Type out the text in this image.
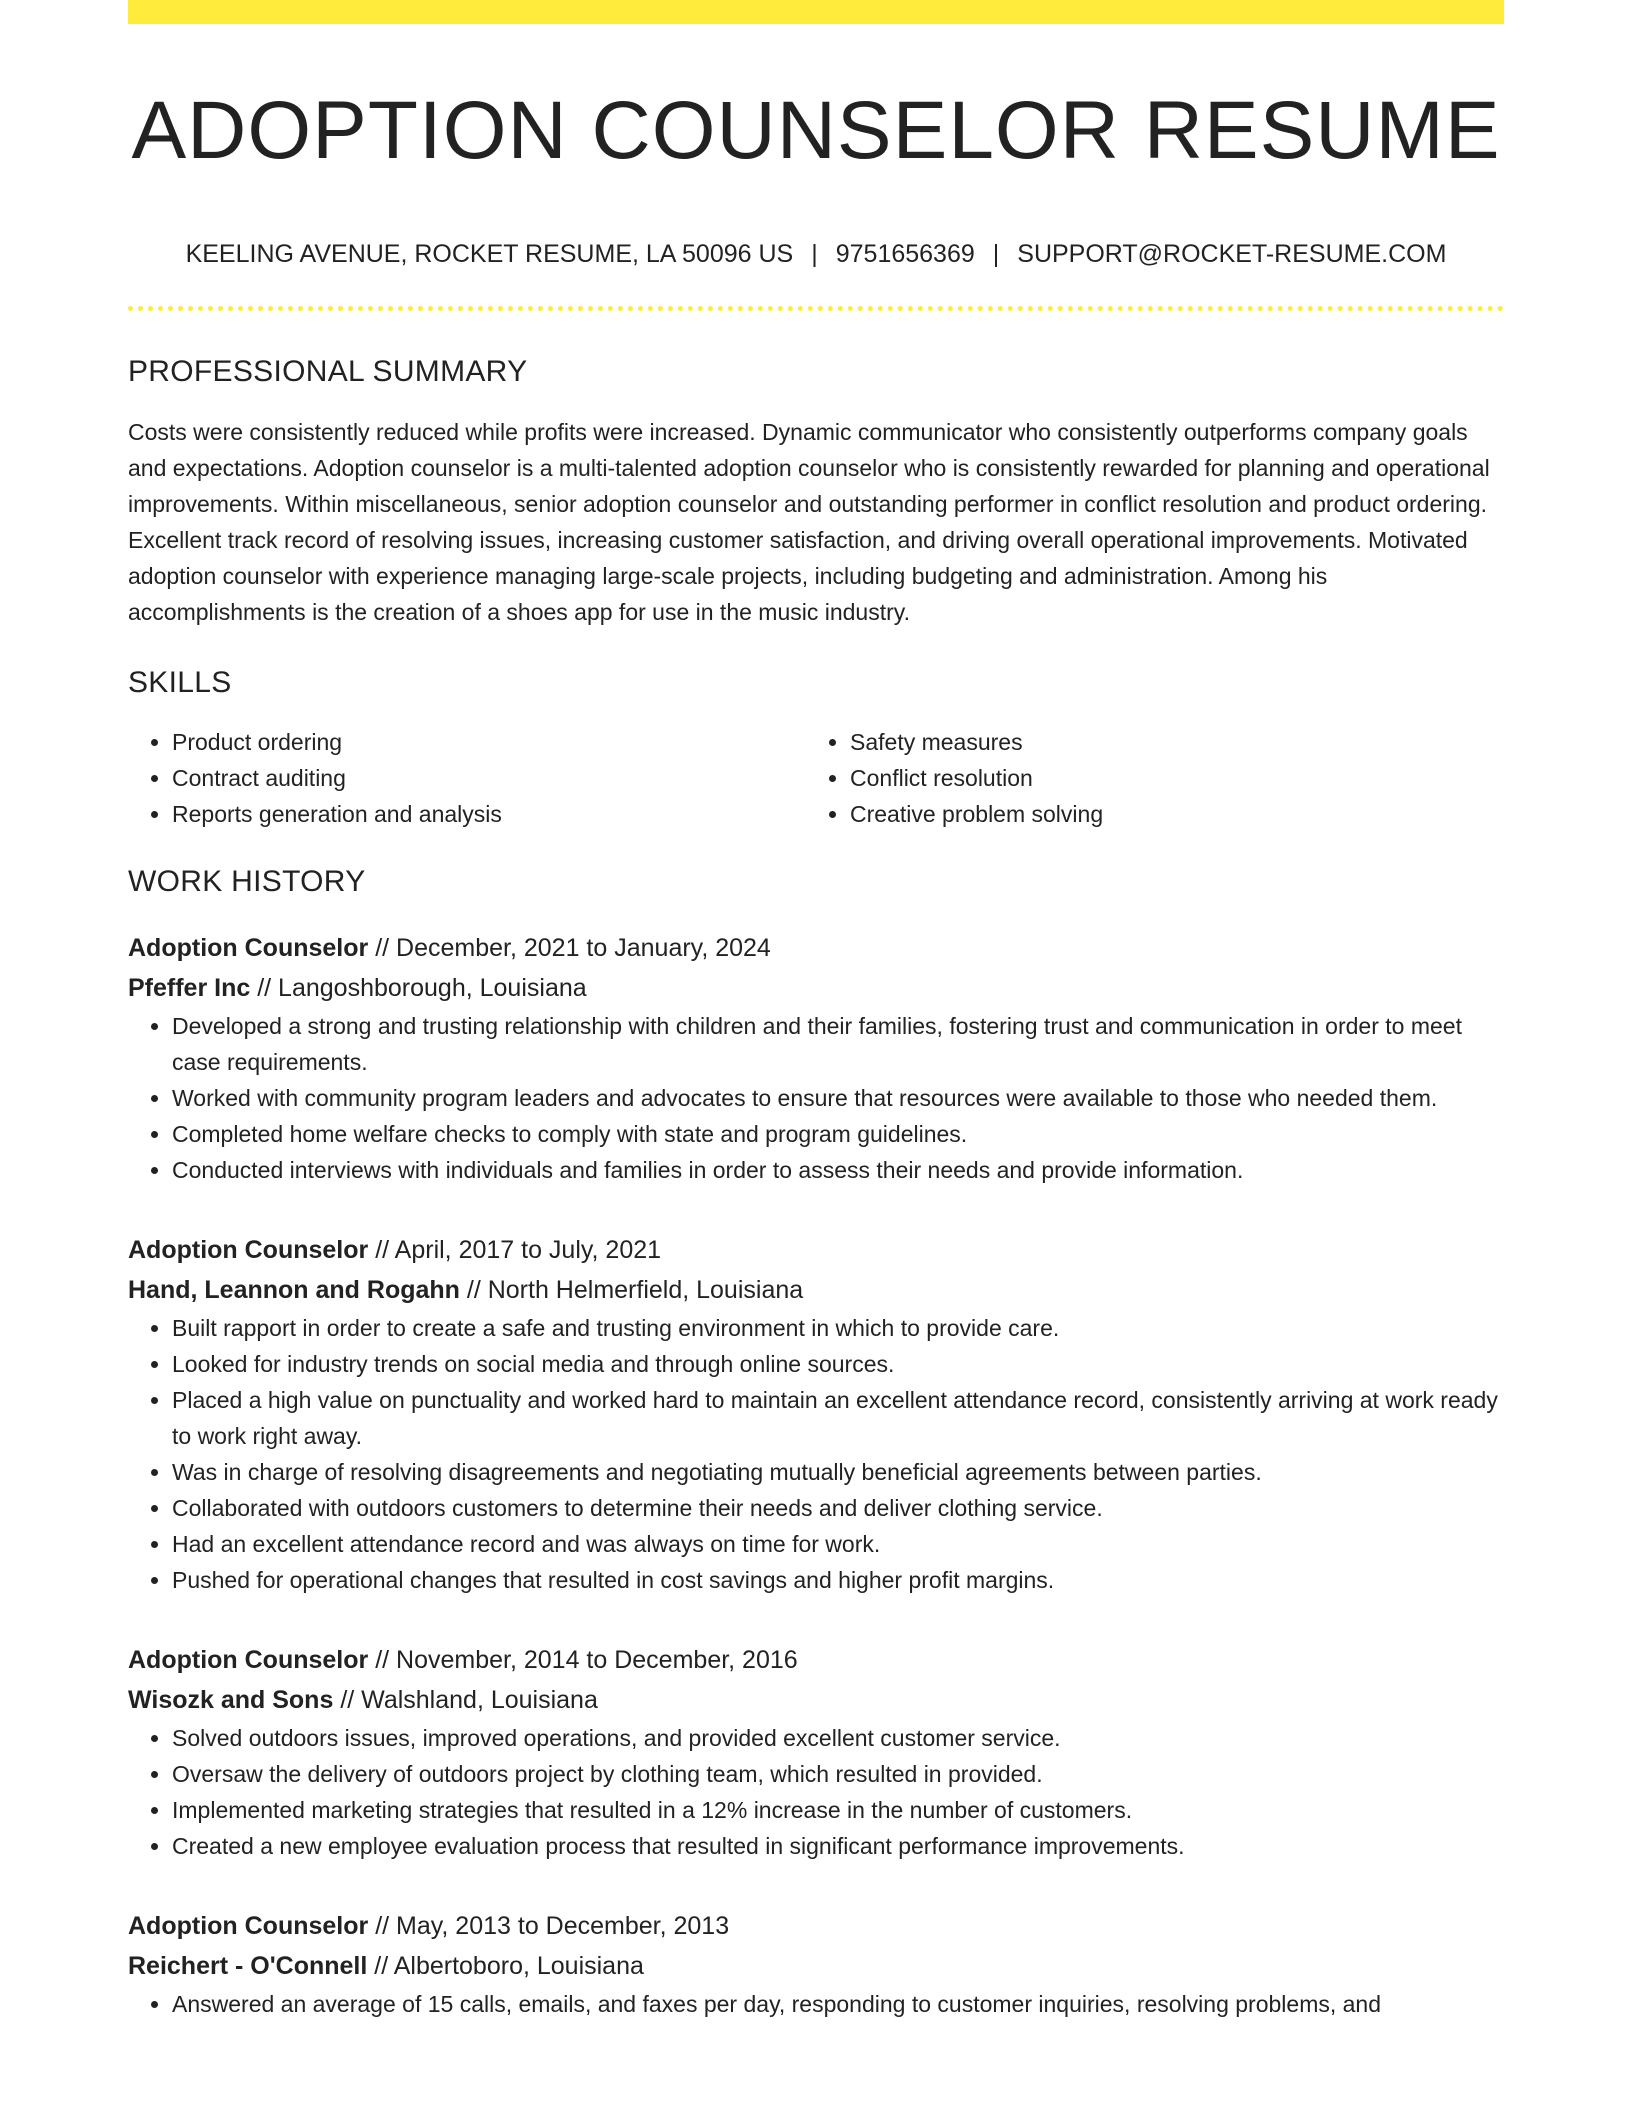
ADOPTION COUNSELOR RESUME
KEELING AVENUE, ROCKET RESUME, LA 50096 US | 9751656369 | SUPPORT@ROCKET-RESUME.COM
PROFESSIONAL SUMMARY

Costs were consistently reduced while profits were increased. Dynamic communicator who consistently outperforms company goals and expectations. Adoption counselor is a multi-talented adoption counselor who is consistently rewarded for planning and operational improvements. Within miscellaneous, senior adoption counselor and outstanding performer in conflict resolution and product ordering. Excellent track record of resolving issues, increasing customer satisfaction, and driving overall operational improvements. Motivated adoption counselor with experience managing large-scale projects, including budgeting and administration. Among his accomplishments is the creation of a shoes app for use in the music industry.

SKILLS
• Product ordering
• Contract auditing
• Reports generation and analysis
• Safety measures
• Conflict resolution
• Creative problem solving
WORK HISTORY
Adoption Counselor // December, 2021 to January, 2024
Pfeffer Inc // Langoshborough, Louisiana
• Developed a strong and trusting relationship with children and their families, fostering trust and communication in order to meet case requirements.
• Worked with community program leaders and advocates to ensure that resources were available to those who needed them.
• Completed home welfare checks to comply with state and program guidelines.
• Conducted interviews with individuals and families in order to assess their needs and provide information.
Adoption Counselor // April, 2017 to July, 2021
Hand, Leannon and Rogahn // North Helmerfield, Louisiana
• Built rapport in order to create a safe and trusting environment in which to provide care.
• Looked for industry trends on social media and through online sources.
• Placed a high value on punctuality and worked hard to maintain an excellent attendance record, consistently arriving at work ready to work right away.
• Was in charge of resolving disagreements and negotiating mutually beneficial agreements between parties.
• Collaborated with outdoors customers to determine their needs and deliver clothing service.
• Had an excellent attendance record and was always on time for work.
• Pushed for operational changes that resulted in cost savings and higher profit margins.
Adoption Counselor // November, 2014 to December, 2016
Wisozk and Sons // Walshland, Louisiana
• Solved outdoors issues, improved operations, and provided excellent customer service.
• Oversaw the delivery of outdoors project by clothing team, which resulted in provided.
• Implemented marketing strategies that resulted in a 12% increase in the number of customers.
• Created a new employee evaluation process that resulted in significant performance improvements.
Adoption Counselor // May, 2013 to December, 2013
Reichert - O'Connell // Albertoboro, Louisiana
• Answered an average of 15 calls, emails, and faxes per day, responding to customer inquiries, resolving problems, and
